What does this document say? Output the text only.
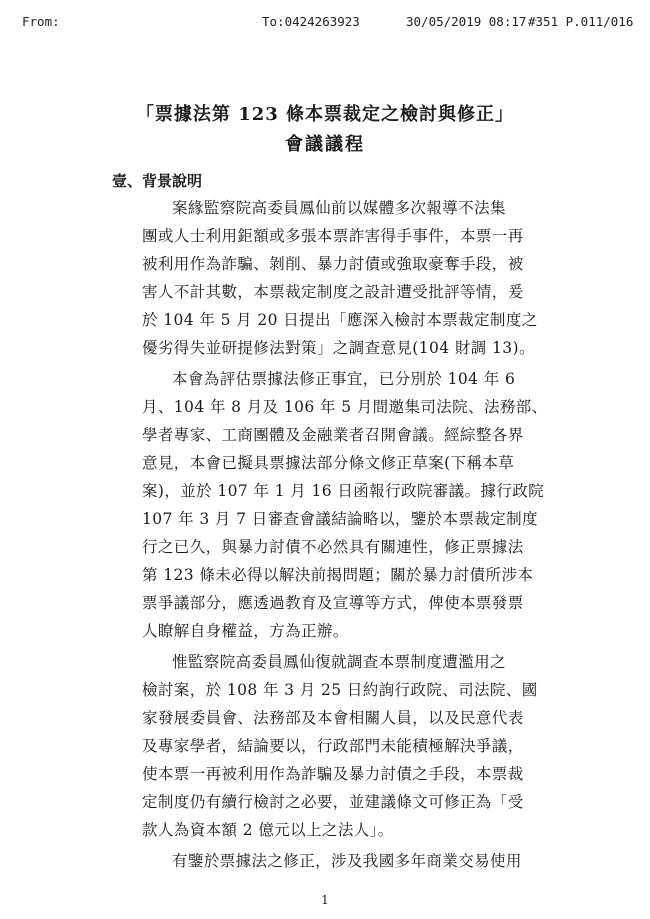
From:	To:0424263923	30/05/2019 08:17 #351 P.011/016
「票據法第 123 條本票裁定之檢討與修正」
會議議程
壹、背景說明
案緣監察院高委員鳳仙前以媒體多次報導不法集
團或人士利用鉅額或多張本票詐害得手事件，本票一再
被利用作為詐騙、剝削、暴力討債或強取豪奪手段，被
害人不計其數，本票裁定制度之設計遭受批評等情，爰
於 104 年 5 月 20 日提出「應深入檢討本票裁定制度之
優劣得失並研提修法對策」之調查意見(104 財調 13)。
本會為評估票據法修正事宜，已分別於 104 年 6
月、104 年 8 月及 106 年 5 月間邀集司法院、法務部、
學者專家、工商團體及金融業者召開會議。經綜整各界
意見，本會已擬具票據法部分條文修正草案(下稱本草
案)，並於 107 年 1 月 16 日函報行政院審議。據行政院
107 年 3 月 7 日審查會議結論略以，鑒於本票裁定制度
行之已久，與暴力討債不必然具有關連性，修正票據法
第 123 條未必得以解決前揭問題；關於暴力討債所涉本
票爭議部分，應透過教育及宣導等方式，俾使本票發票
人瞭解自身權益，方為正辦。
惟監察院高委員鳳仙復就調查本票制度遭濫用之
檢討案，於 108 年 3 月 25 日約詢行政院、司法院、國
家發展委員會、法務部及本會相關人員，以及民意代表
及專家學者，結論要以，行政部門未能積極解決爭議，
使本票一再被利用作為詐騙及暴力討債之手段，本票裁
定制度仍有續行檢討之必要，並建議條文可修正為「受
款人為資本額 2 億元以上之法人」。
有鑒於票據法之修正，涉及我國多年商業交易使用
1
